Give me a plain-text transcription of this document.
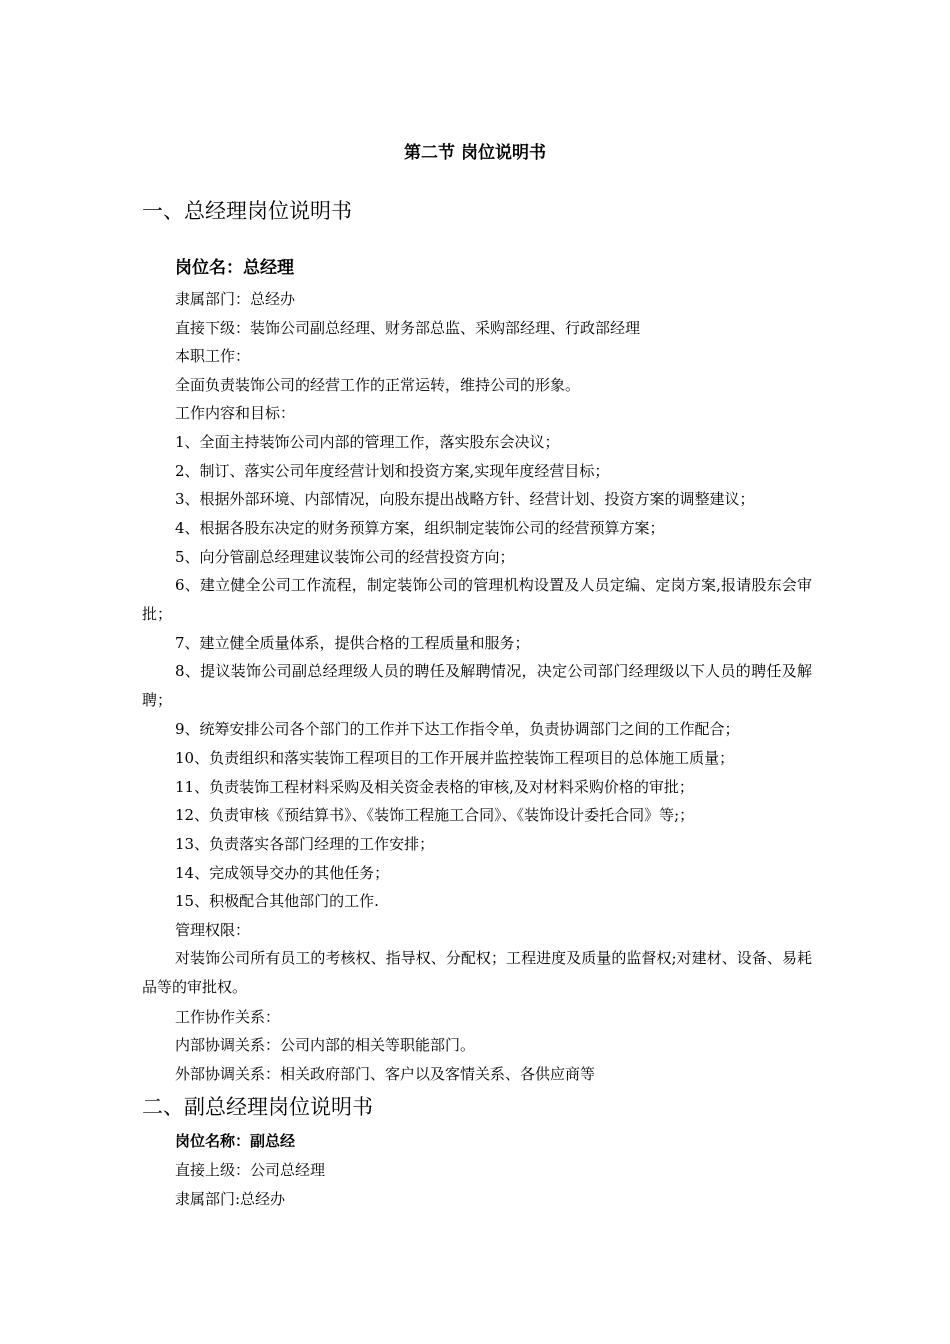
第二节 岗位说明书
一、总经理岗位说明书
岗位名：总经理
隶属部门：总经办
直接下级：装饰公司副总经理、财务部总监、采购部经理、行政部经理
本职工作：
全面负责装饰公司的经营工作的正常运转，维持公司的形象。
工作内容和目标：
1、全面主持装饰公司内部的管理工作，落实股东会决议；
2、制订、落实公司年度经营计划和投资方案,实现年度经营目标；
3、根据外部环境、内部情况，向股东提出战略方针、经营计划、投资方案的调整建议；
4、根据各股东决定的财务预算方案，组织制定装饰公司的经营预算方案；
5、向分管副总经理建议装饰公司的经营投资方向；

6、建立健全公司工作流程，制定装饰公司的管理机构设置及人员定编、定岗方案,报请股东会审批；

7、建立健全质量体系，提供合格的工程质量和服务；

8、提议装饰公司副总经理级人员的聘任及解聘情况，决定公司部门经理级以下人员的聘任及解聘；

9、统筹安排公司各个部门的工作并下达工作指令单，负责协调部门之间的工作配合；
10、负责组织和落实装饰工程项目的工作开展并监控装饰工程项目的总体施工质量；
11、负责装饰工程材料采购及相关资金表格的审核,及对材料采购价格的审批；
12、负责审核《预结算书》、《装饰工程施工合同》、《装饰设计委托合同》等;；
13、负责落实各部门经理的工作安排；
14、完成领导交办的其他任务；
15、积极配合其他部门的工作.
管理权限：

对装饰公司所有员工的考核权、指导权、分配权；工程进度及质量的监督权;对建材、设备、易耗品等的审批权。

工作协作关系：
内部协调关系：公司内部的相关等职能部门。
外部协调关系：相关政府部门、客户以及客情关系、各供应商等
二、副总经理岗位说明书
岗位名称：副总经
直接上级：公司总经理
隶属部门:总经办
